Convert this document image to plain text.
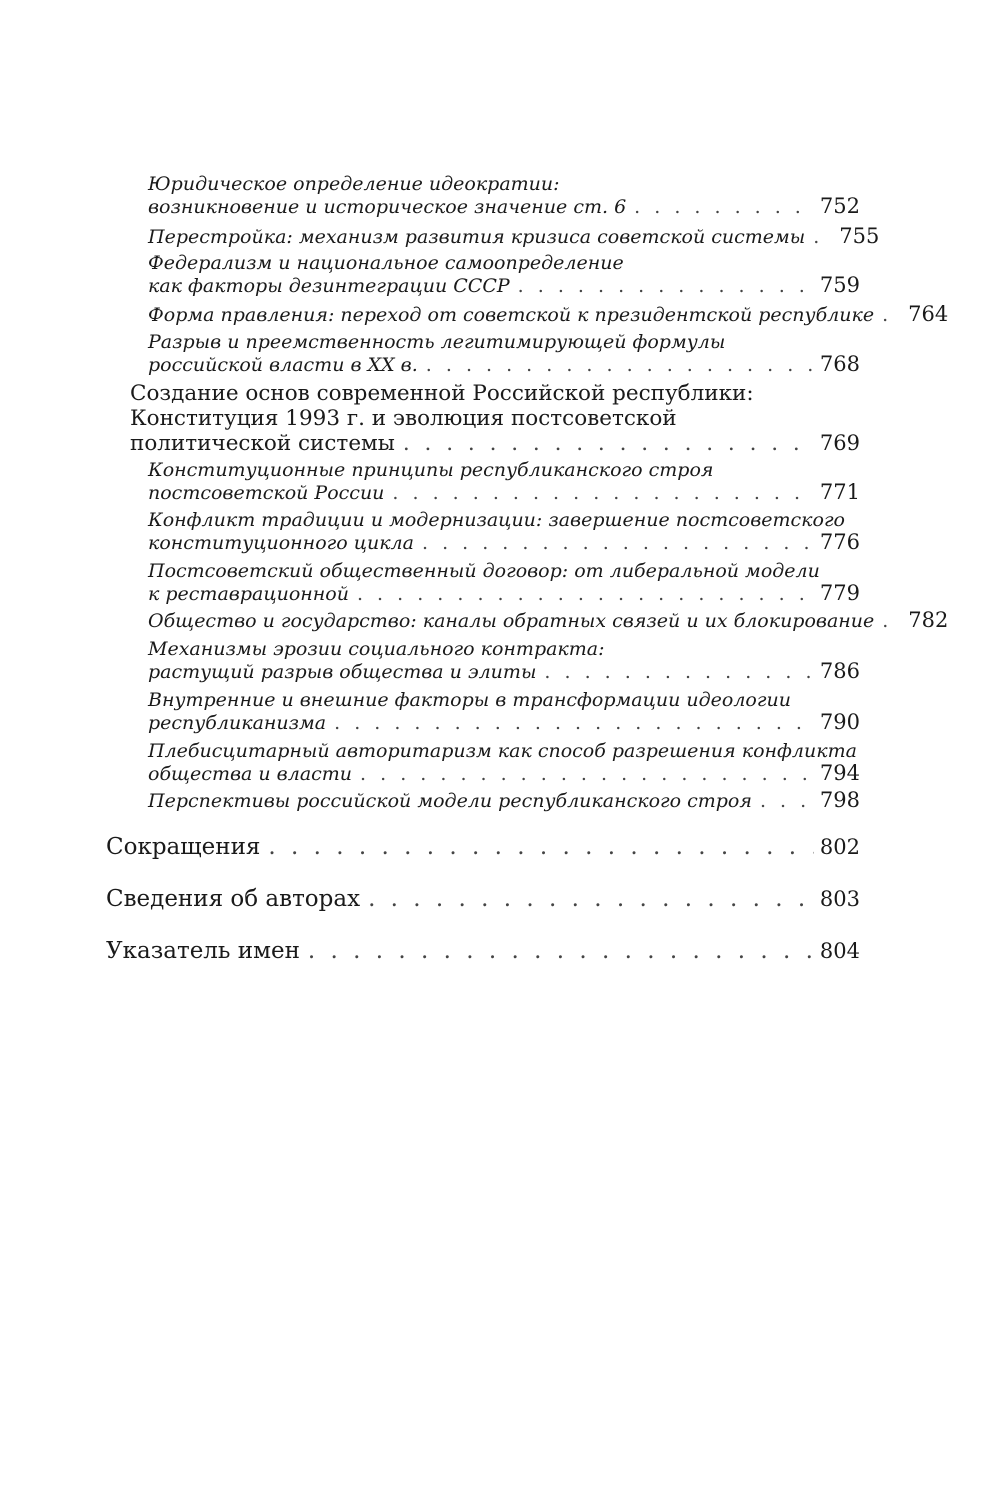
Юридическое определение идеократии:
возникновение и историческое значение ст. 6 . . .	752
Перестройка: механизм развития кризиса советской системы . . . 755
Федерализм и национальное самоопределение
как факторы дезинтеграции СССР . . .	759
Форма правления: переход от советской к президентской республике . . . 764
Разрыв и преемственность легитимирующей формулы
российской власти в XX в. . . .	768
Создание основ современной Российской республики:
Конституция 1993 г. и эволюция постсоветской
политической системы . . .	769
Конституционные принципы республиканского строя
постсоветской России . . .	771
Конфликт традиции и модернизации: завершение постсоветского
конституционного цикла . . .	776
Постсоветский общественный договор: от либеральной модели
к реставрационной . . .	779
Общество и государство: каналы обратных связей и их блокирование . . . 782
Механизмы эрозии социального контракта:
растущий разрыв общества и элиты . . .	786
Внутренние и внешние факторы в трансформации идеологии
республиканизма . . .	790
Плебисцитарный авторитаризм как способ разрешения конфликта
общества и власти . . .	794
Перспективы российской модели республиканского строя . . .	798
Сокращения . . .	802
Сведения об авторах . . .	803
Указатель имен . . .	804
